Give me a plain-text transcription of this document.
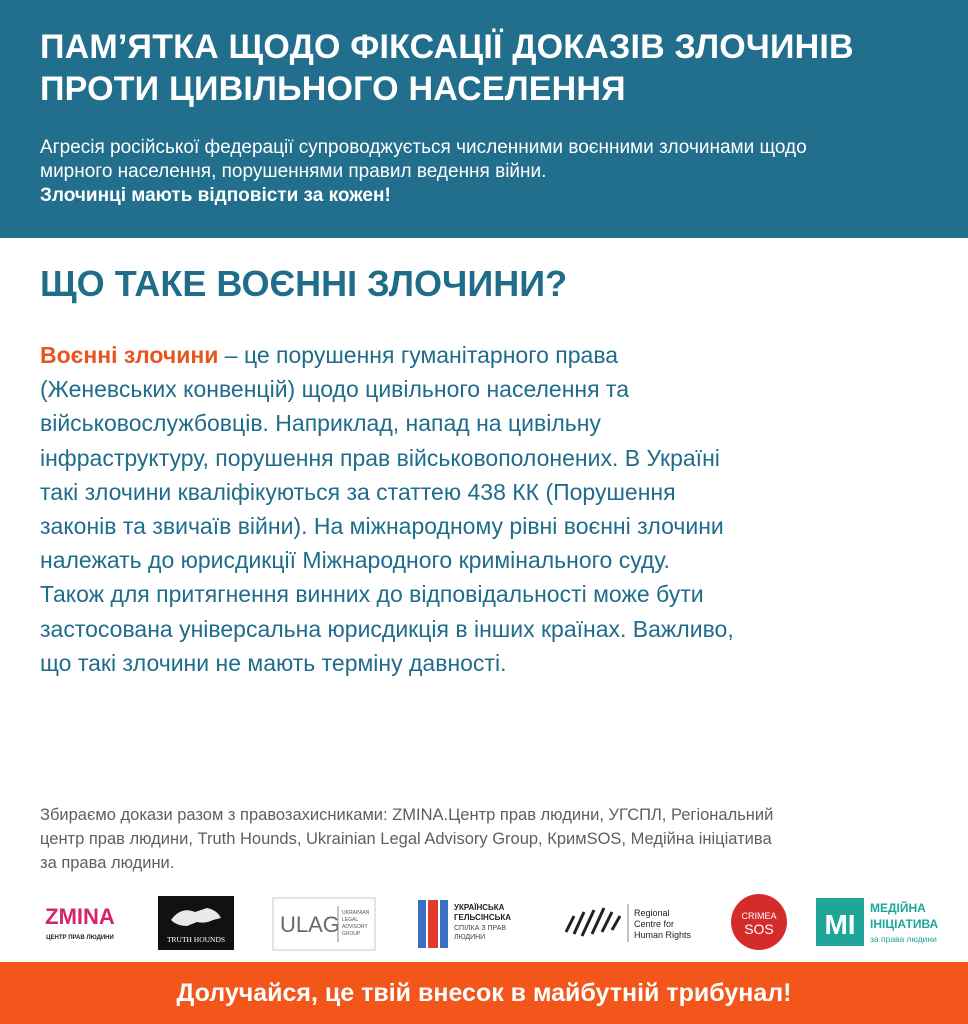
ПАМ’ЯТКА ЩОДО ФІКСАЦІЇ ДОКАЗІВ ЗЛОЧИНІВ
ПРОТИ ЦИВІЛЬНОГО НАСЕЛЕННЯ

Агресія російської федерації супроводжується численними воєнними злочинами щодо
мирного населення, порушеннями правил ведення війни.
Злочинці мають відповісти за кожен!

ЩО ТАКЕ ВОЄННІ ЗЛОЧИНИ?

Воєнні злочини – це порушення гуманітарного права
(Женевських конвенцій) щодо цивільного населення та
військовослужбовців. Наприклад, напад на цивільну
інфраструктуру, порушення прав військовополонених. В Україні
такі злочини кваліфікуються за статтею 438 КК (Порушення
законів та звичаїв війни). На міжнародному рівні воєнні злочини
належать до юрисдикції Міжнародного кримінального суду.
Також для притягнення винних до відповідальності може бути
застосована універсальна юрисдикція в інших країнах. Важливо,
що такі злочини не мають терміну давності.

Збираємо докази разом з правозахисниками: ZMINA.Центр прав людини, УГСПЛ, Регіональний
центр прав людини, Truth Hounds, Ukrainian Legal Advisory Group, КримSOS, Медійна ініціатива
за права людини.

ZMINA
ЦЕНТР ПРАВ ЛЮДИНИ	TRUTH HOUNDS
ULAG UKRAINIAN
LEGAL
ADVISORY
GROUP
УКРАЇНСЬКА
ГЕЛЬСІНСЬКА
СПІЛКА З ПРАВ
ЛЮДИНИ
Regional
Centre for
Human Rights
CRIMEA
SOS MI
МЕДІЙНА
ІНІЦІАТИВА
за права людини
Долучайся, це твій внесок в майбутній трибунал!
